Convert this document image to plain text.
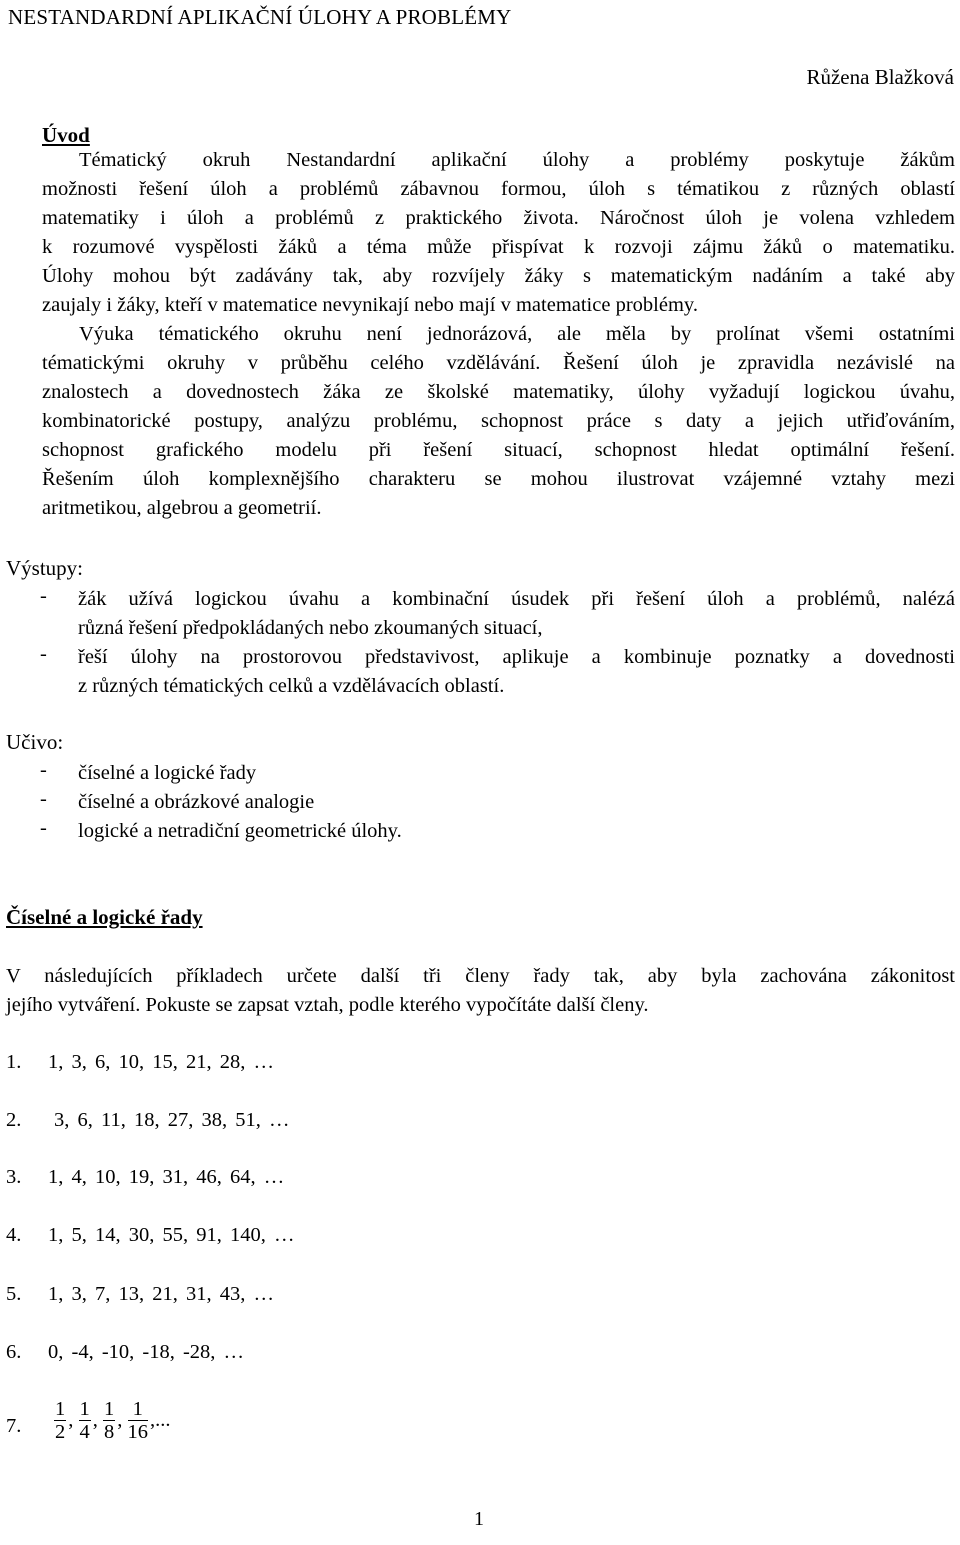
NESTANDARDNÍ APLIKAČNÍ ÚLOHY A PROBLÉMY
Růžena Blažková
Úvod
Tématický okruh Nestandardní aplikační úlohy a problémy poskytuje žákům
možnosti řešení úloh a problémů zábavnou formou, úloh s tématikou z různých oblastí
matematiky i úloh a problémů z praktického života. Náročnost úloh je volena vzhledem
k rozumové vyspělosti žáků a téma může přispívat k rozvoji zájmu žáků o matematiku.
Úlohy mohou být zadávány tak, aby rozvíjely žáky s matematickým nadáním a také aby
zaujaly i žáky, kteří v matematice nevynikají nebo mají v matematice problémy.
Výuka tématického okruhu není jednorázová, ale měla by prolínat všemi ostatními
tématickými okruhy v průběhu celého vzdělávání. Řešení úloh je zpravidla nezávislé na
znalostech a dovednostech žáka ze školské matematiky, úlohy vyžadují logickou úvahu,
kombinatorické postupy, analýzu problému, schopnost práce s daty a jejich utřiďováním,
schopnost grafického modelu při řešení situací, schopnost hledat optimální řešení.
Řešením úloh komplexnějšího charakteru se mohou ilustrovat vzájemné vztahy mezi
aritmetikou, algebrou a geometrií.
Výstupy:
- žák užívá logickou úvahu a kombinační úsudek při řešení úloh a problémů, nalézá
různá řešení předpokládaných nebo zkoumaných situací,
- řeší úlohy na prostorovou představivost, aplikuje a kombinuje poznatky a dovednosti
z různých tématických celků a vzdělávacích oblastí.
Učivo:
- číselné a logické řady
- číselné a obrázkové analogie
- logické a netradiční geometrické úlohy.
Číselné a logické řady
V následujících příkladech určete další tři členy řady tak, aby byla zachována zákonitost
jejího vytváření. Pokuste se zapsat vztah, podle kterého vypočítáte další členy.
1. 1, 3, 6, 10, 15, 21, 28, …
2. 3, 6, 11, 18, 27, 38, 51, …
3. 1, 4, 10, 19, 31, 46, 64, …
4. 1, 5, 14, 30, 55, 91, 140, …
5. 1, 3, 7, 13, 21, 31, 43, …
6. 0, -4, -10, -18, -28, …
7. $\frac{1}{2}$ , $\frac{1}{4}$ , $\frac{1}{8}$ , $\frac{1}{16}$ ,...
1
